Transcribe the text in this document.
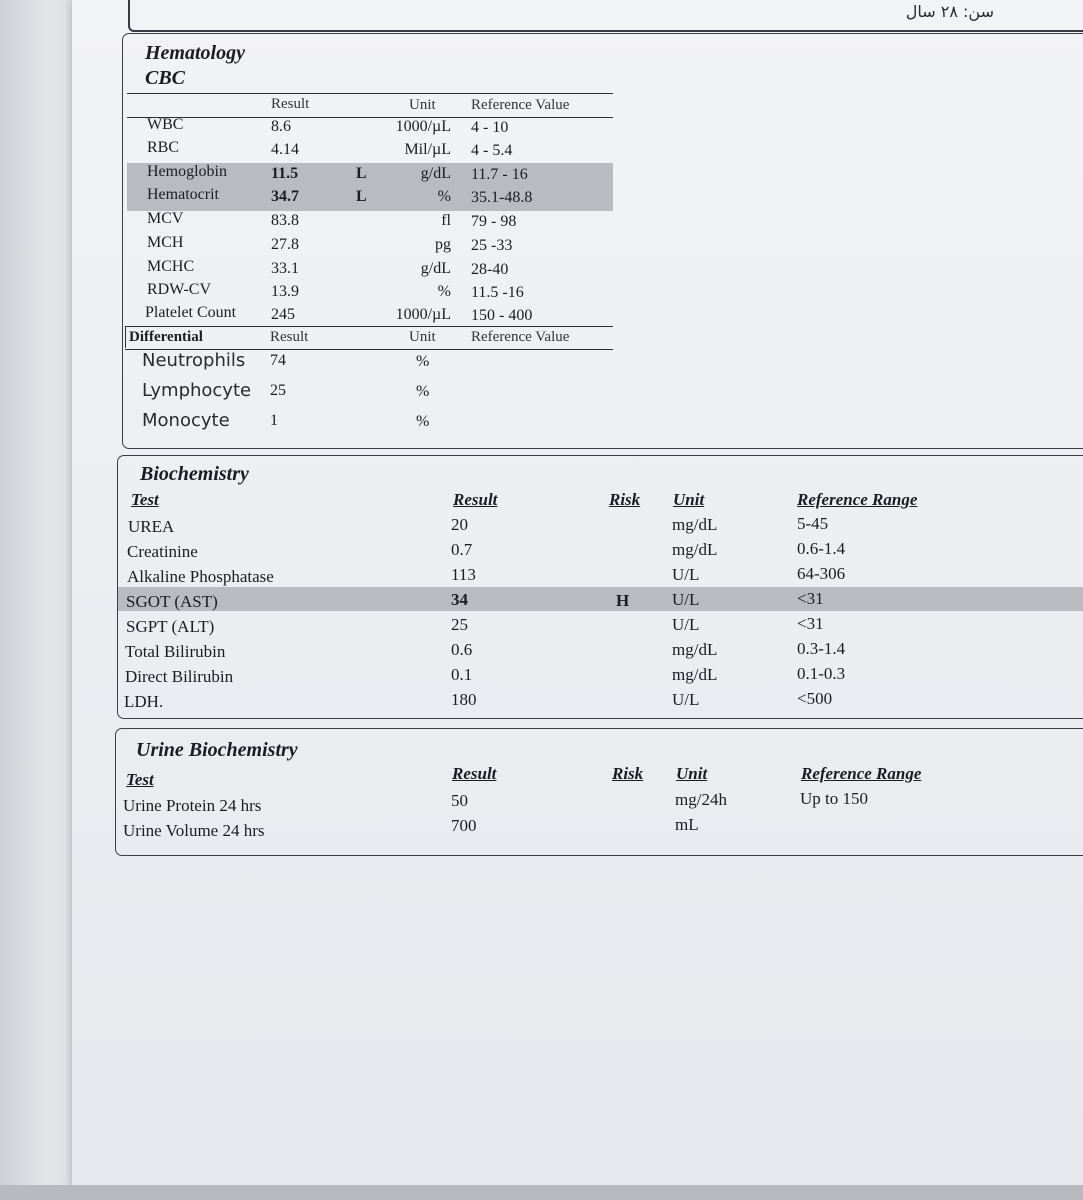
سن: ۲۸ سال
Hematology
CBC
Result	Unit Reference Value
WBC	8.6	1000/µL 4 - 10
RBC	4.14	Mil/µL 4 - 5.4
Hemoglobin	11.5	L	g/dL 11.7 - 16
Hematocrit	34.7	L	% 35.1-48.8
MCV	83.8	fl 79 - 98
MCH	27.8	pg 25 -33
MCHC	33.1	g/dL 28-40
RDW-CV	13.9	% 11.5 -16
Platelet Count 245	1000/µL 150 - 400
Differential	Result	Unit Reference Value
Neutrophils 74	%
Lymphocyte 25	%
Monocyte	1	%
Biochemistry
Test	Result	Risk Unit	Reference Range
UREA	20	mg/dL	5-45
Creatinine	0.7	mg/dL	0.6-1.4
Alkaline Phosphatase	113	U/L	64-306
SGOT (AST)	34	H	U/L	<31
SGPT (ALT)	25	U/L	<31
Total Bilirubin	0.6	mg/dL	0.3-1.4
Direct Bilirubin	0.1	mg/dL	0.1-0.3
LDH.	180	U/L	<500
Urine Biochemistry
Test	Result	Risk Unit	Reference Range
Urine Protein 24 hrs	50	mg/24h	Up to 150
Urine Volume 24 hrs	700	mL
